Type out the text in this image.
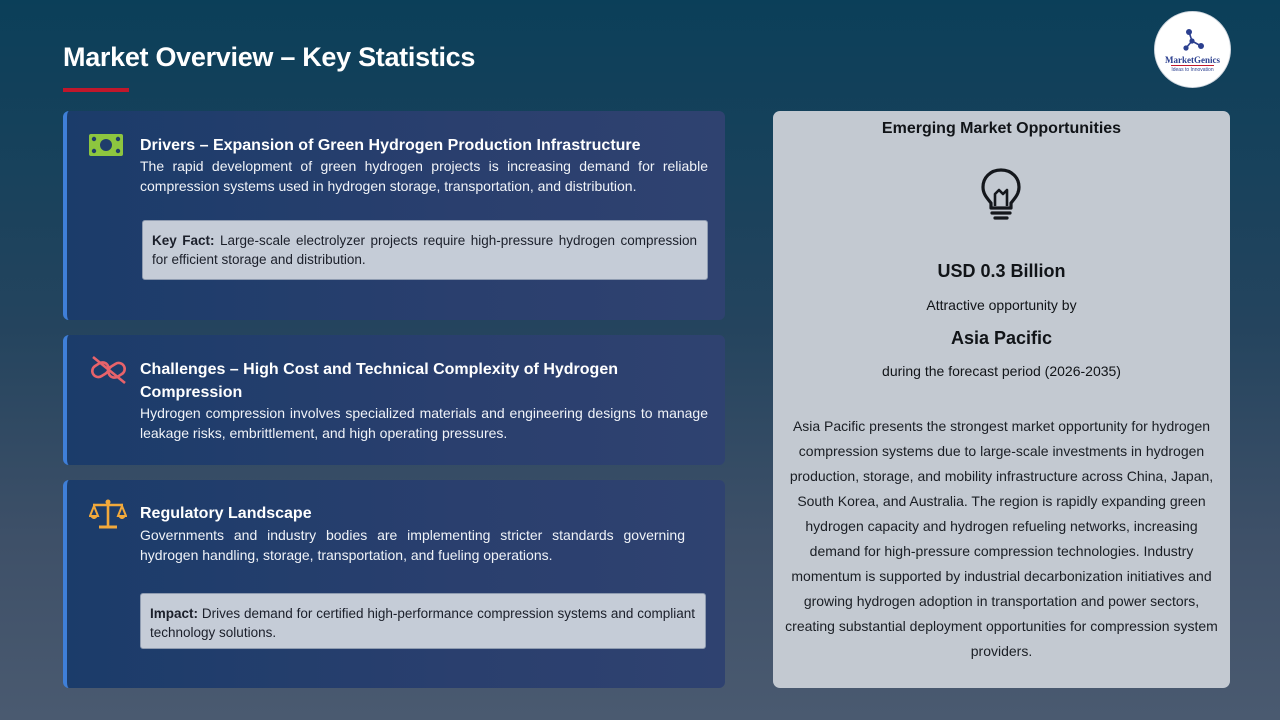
Market Overview – Key Statistics	MarketGenics
Ideas to Innovation
Drivers – Expansion of Green Hydrogen Production Infrastructure
The rapid development of green hydrogen projects is increasing demand for reliable compression systems used in hydrogen storage, transportation, and distribution.
Key Fact: Large-scale electrolyzer projects require high-pressure hydrogen compression for efficient storage and distribution.
Challenges – High Cost and Technical Complexity of Hydrogen Compression
Hydrogen compression involves specialized materials and engineering designs to manage leakage risks, embrittlement, and high operating pressures.
Regulatory Landscape
Governments and industry bodies are implementing stricter standards governing hydrogen handling, storage, transportation, and fueling operations.
Impact: Drives demand for certified high-performance compression systems and compliant technology solutions.
Emerging Market Opportunities
USD 0.3 Billion
Attractive opportunity by
Asia Pacific
during the forecast period (2026-2035)
Asia Pacific presents the strongest market opportunity for hydrogen compression systems due to large-scale investments in hydrogen production, storage, and mobility infrastructure across China, Japan, South Korea, and Australia. The region is rapidly expanding green hydrogen capacity and hydrogen refueling networks, increasing demand for high-pressure compression technologies. Industry momentum is supported by industrial decarbonization initiatives and growing hydrogen adoption in transportation and power sectors, creating substantial deployment opportunities for compression system providers.
